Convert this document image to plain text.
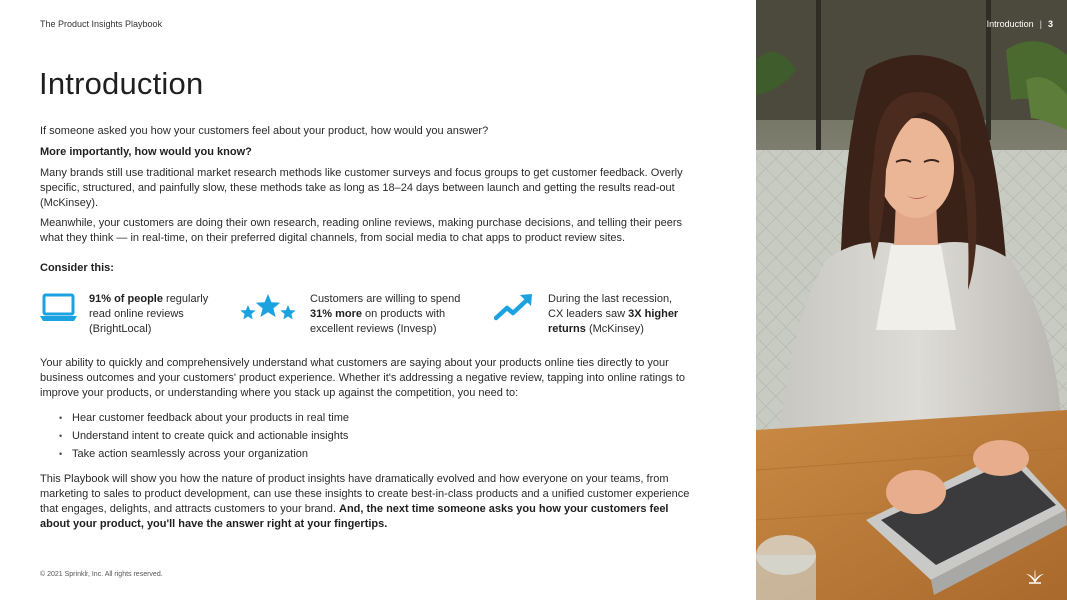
The Product Insights Playbook
Introduction

If someone asked you how your customers feel about your product, how would you answer?

More importantly, how would you know?

Many brands still use traditional market research methods like customer surveys and focus groups to get customer feedback. Overly specific, structured, and painfully slow, these methods take as long as 18–24 days between launch and getting the results read-out (McKinsey).

Meanwhile, your customers are doing their own research, reading online reviews, making purchase decisions, and telling their peers what they think — in real-time, on their preferred digital channels, from social media to chat apps to product review sites.

Consider this:

91% of people regularly read online reviews (BrightLocal)
Customers are willing to spend 31% more on products with excellent reviews (Invesp)
During the last recession, CX leaders saw 3X higher returns (McKinsey)

Your ability to quickly and comprehensively understand what customers are saying about your products online ties directly to your business outcomes and your customers' product experience. Whether it's addressing a negative review, tapping into online ratings to improve your products, or understanding where you stack up against the competition, you need to:

• Hear customer feedback about your products in real time
• Understand intent to create quick and actionable insights
• Take action seamlessly across your organization

This Playbook will show you how the nature of product insights have dramatically evolved and how everyone on your teams, from marketing to sales to product development, can use these insights to create best-in-class products and a unified customer experience that engages, delights, and attracts customers to your brand. And, the next time someone asks you how your customers feel about your product, you'll have the answer right at your fingertips.

© 2021 Sprinklr, Inc. All rights reserved.
Introduction | 3
